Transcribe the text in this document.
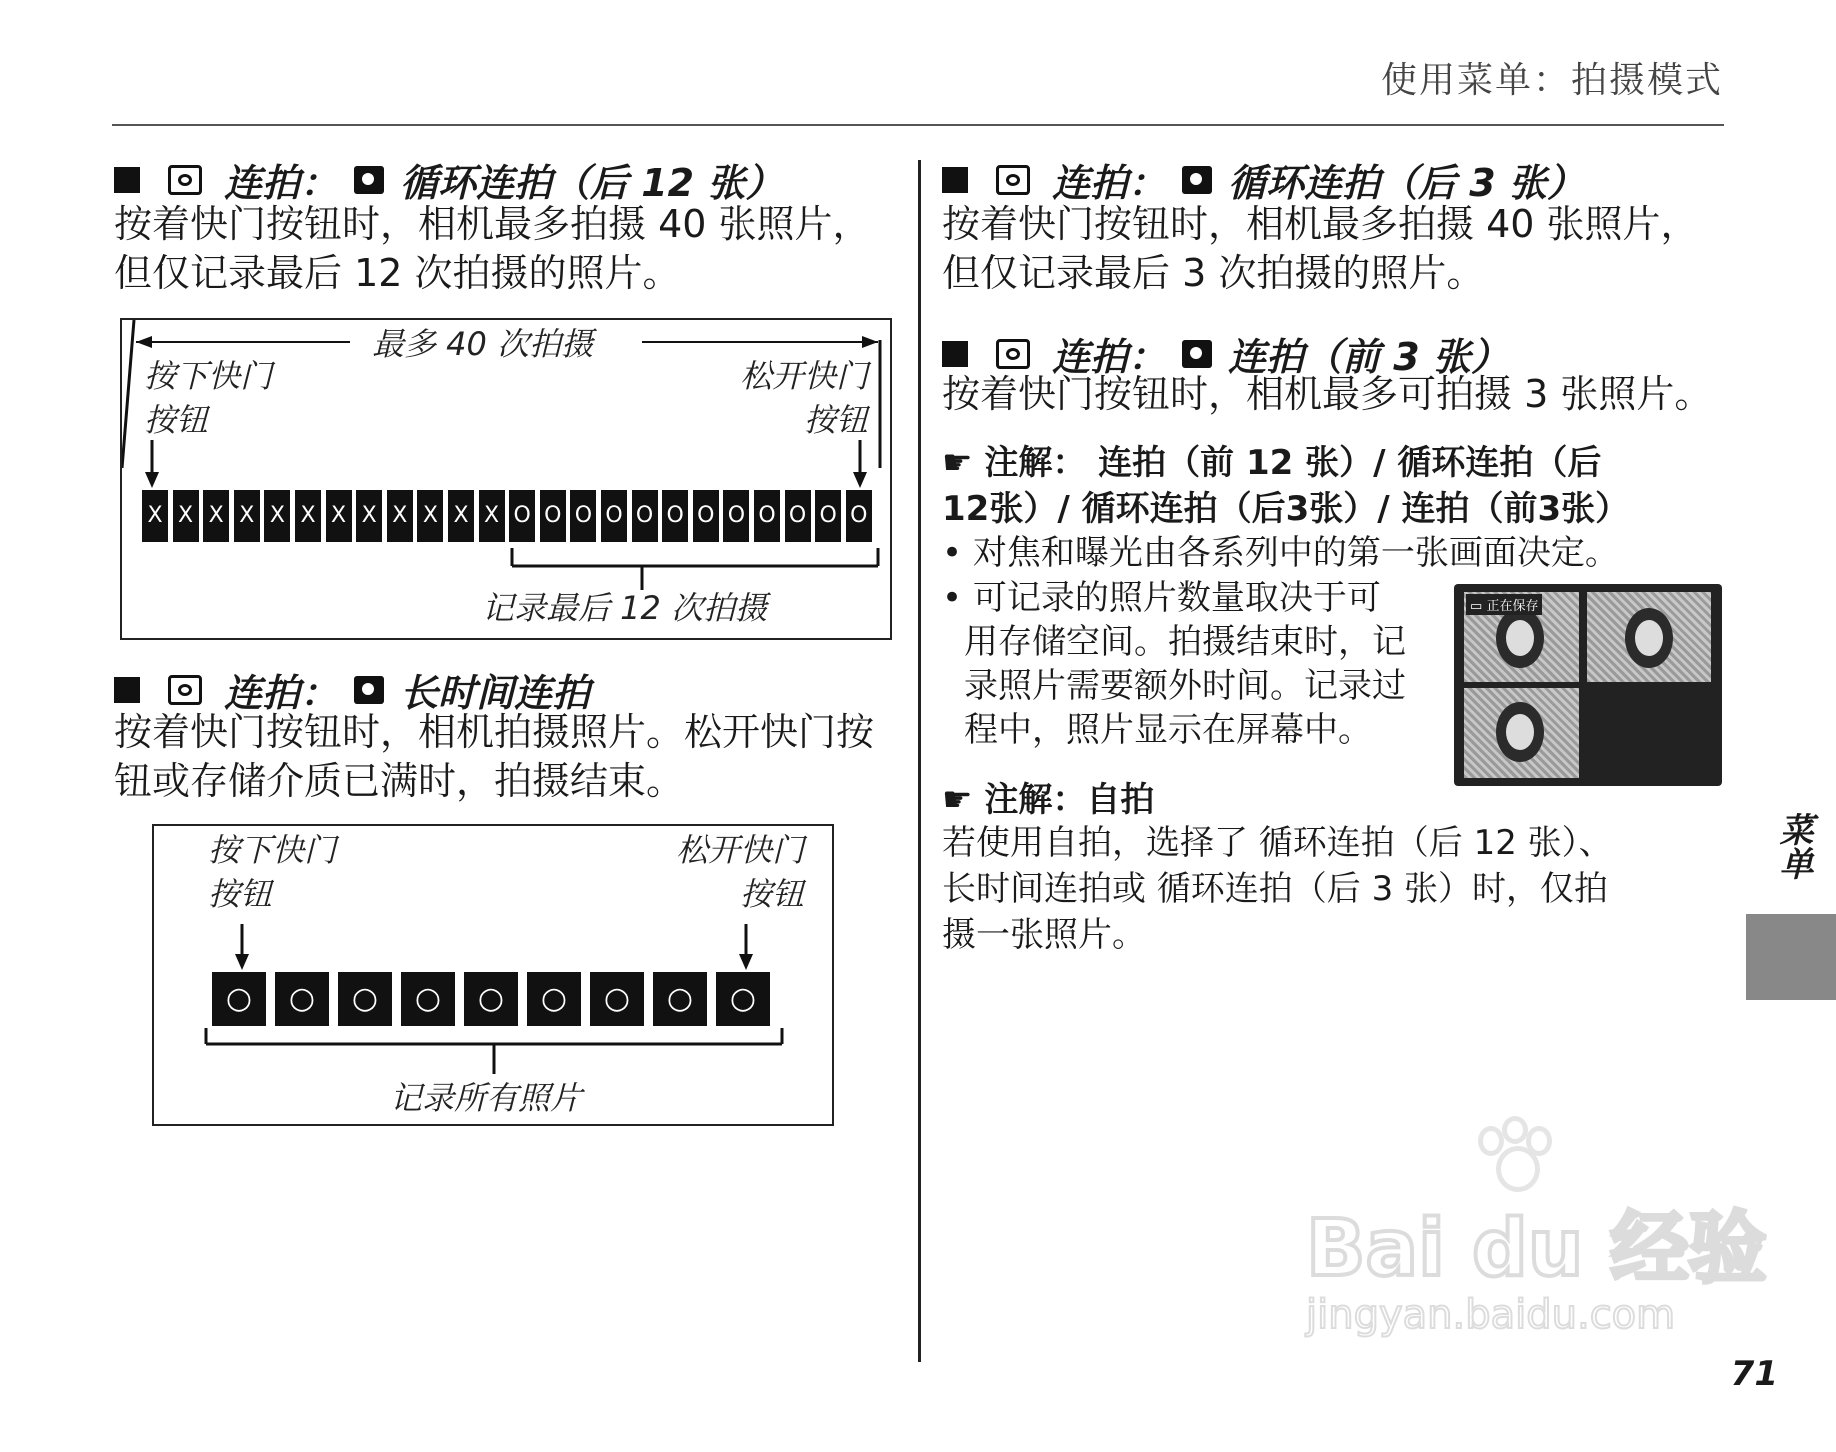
使用菜单：拍摄模式
连拍： 循环连拍（后 12 张）
按着快门按钮时，相机最多拍摄 40 张照片，
但仅记录最后 12 次拍摄的照片。
最多 40 次拍摄
按下快门
按钮
松开快门
按钮
X X X X X X X X X X X X O O O O O O O O O O O O
记录最后 12 次拍摄
连拍： 长时间连拍
按着快门按钮时，相机拍摄照片。松开快门按
钮或存储介质已满时，拍摄结束。
按下快门
按钮
松开快门
按钮
○	○	○	○	○	○	○	○	○
记录所有照片
连拍： 循环连拍（后 3 张）
按着快门按钮时，相机最多拍摄 40 张照片，
但仅记录最后 3 次拍摄的照片。
连拍： 连拍（前 3 张）
按着快门按钮时，相机最多可拍摄 3 张照片。
☛ 注解： 连拍（前 12 张）/ 循环连拍（后
12张）/ 循环连拍（后3张）/ 连拍（前3张）
• 对焦和曝光由各系列中的第一张画面决定。
• 可记录的照片数量取决于可
用存储空间。拍摄结束时，记
录照片需要额外时间。记录过
程中，照片显示在屏幕中。
▭ 正在保存
☛ 注解：自拍
若使用自拍，选择了 循环连拍（后 12 张）、
长时间连拍或 循环连拍（后 3 张）时，仅拍
摄一张照片。
菜单
71
Bai du 经验
jingyan.baidu.com
